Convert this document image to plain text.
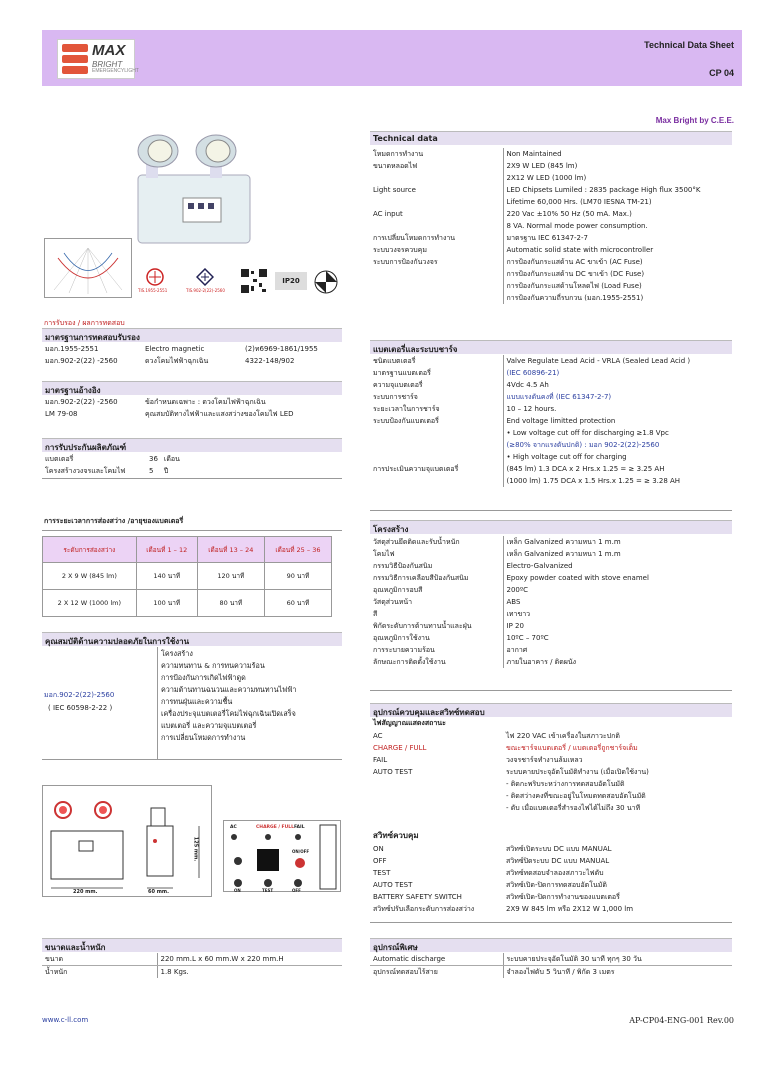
MAX
BRIGHT
EMERGENCYLIGHT
Technical Data Sheet
CP 04
Max Bright by C.E.E.
TIS.1955-2551	TIS.902-2(22)-2560
IP20
การรับรอง / ผลการทดสอบ
มาตรฐานการทดสอบรับรอง
มอก.1955-2551	Electro magnetic	(2)ท6969-1861/1955
มอก.902-2(22) -2560	ดวงโคมไฟฟ้าฉุกเฉิน	4322-148/902
มาตรฐานอ้างอิง
มอก.902-2(22) -2560	ข้อกำหนดเฉพาะ : ดวงโคมไฟฟ้าฉุกเฉิน
LM 79-08	คุณสมบัติทางไฟฟ้าและแสงสว่างของโคมไฟ LED
การรับประกันผลิตภัณฑ์
แบตเตอรี่	36	เดือน
โครงสร้างวงจรและโคมไฟ	5	ปี
การระยะเวลาการส่องสว่าง /อายุของแบตเตอรี่
ระดับการส่องสว่าง	เดือนที่ 1 – 12	เดือนที่ 13 – 24	เดือนที่ 25 – 36
2 X 9 W (845 lm)	140 นาที	120 นาที	90 นาที
2 X 12 W (1000 lm)	100 นาที	80 นาที	60 นาที
คุณสมบัติด้านความปลอดภัยในการใช้งาน
มอก.902-2(22)-2560
( IEC 60598-2-22 )
โครงสร้าง
ความทนทาน & การทนความร้อน
การป้องกันการเกิดไฟฟ้าดูด
ความต้านทานฉนวนและความทนทานไฟฟ้า
การทนฝุ่นและความชื้น
เครื่องประจุแบตเตอรี่โคมไฟฉุกเฉินเปิดเสร็จ
แบตเตอรี่ และความจุแบตเตอรี่
การเปลี่ยนโหมดการทำงาน
220 mm.	60 mm.
125 mm.
AC	CHARGE / FULL FAIL
ON/OFF
ON	TEST	OFF
ขนาดและน้ำหนัก
ขนาด	220 mm.L x 60 mm.W x 220 mm.H
น้ำหนัก	1.8 Kgs.
Technical data
โหมดการทำงาน	Non Maintained
ขนาดหลอดไฟ	2X9 W LED (845 lm)
	2X12 W LED (1000 lm)
Light source	LED Chipsets Lumiled : 2835 package High flux 3500°K
	Lifetime 60,000 Hrs. (LM70 IESNA TM-21)
AC input	220 Vac ±10% 50 Hz (50 mA. Max.)
	8 VA. Normal mode power consumption.
การเปลี่ยนโหมดการทำงาน	มาตรฐาน IEC 61347-2-7
ระบบวงจรควบคุม	Automatic solid state with microcontroller
ระบบการป้องกันวงจร	การป้องกันกระแสด้าน AC ขาเข้า (AC Fuse)
	การป้องกันกระแสด้าน DC ขาเข้า (DC Fuse)
	การป้องกันกระแสด้านโหลดไฟ (Load Fuse)
	การป้องกันความถี่รบกวน (มอก.1955-2551)
แบตเตอรี่และระบบชาร์จ
ชนิดแบตเตอรี่	Valve Regulate Lead Acid - VRLA (Sealed Lead Acid )
มาตรฐานแบตเตอรี่	(IEC 60896-21)
ความจุแบตเตอรี่	4Vdc 4.5 Ah
ระบบการชาร์จ	แบบแรงดันคงที่ (IEC 61347-2-7)
ระยะเวลาในการชาร์จ	10 – 12 hours.
ระบบป้องกันแบตเตอรี่	End voltage limitted protection
	• Low voltage cut off for discharging ≥1.8 Vpc
	(≥80% จากแรงดันปกติ) : มอก 902-2(22)-2560
	• High voltage cut off for charging
การประเมินความจุแบตเตอรี่	(845 lm) 1.3 DCA x 2 Hrs.x 1.25 = ≥ 3.25 AH
	(1000 lm) 1.75 DCA x 1.5 Hrs.x 1.25 = ≥ 3.28 AH
โครงสร้าง
วัสดุส่วนยึดติดและรับน้ำหนัก	เหล็ก Galvanized ความหนา 1 m.m
โคมไฟ	เหล็ก Galvanized ความหนา 1 m.m
กรรมวิธีป้องกันสนิม	Electro-Galvanized
กรรมวิธีการเคลือบสีป้องกันสนิม	Epoxy powder coated with stove enamel
อุณหภูมิการอบสี	200ºC
วัสดุส่วนหน้า	ABS
สี	เทาขาว
พิกัดระดับการต้านทานน้ำและฝุ่น	IP 20
อุณหภูมิการใช้งาน	10ºC – 70ºC
การระบายความร้อน	อากาศ
ลักษณะการติดตั้งใช้งาน	ภายในอาคาร / ติดผนัง
อุปกรณ์ควบคุมและสวิทซ์ทดสอบ
ไฟสัญญาณแสดงสถานะ
AC	ไฟ 220 VAC เข้าเครื่องในสภาวะปกติ
CHARGE / FULL	ขณะชาร์จแบตเตอรี่ / แบตเตอรี่ถูกชาร์จเต็ม
FAIL	วงจรชาร์จทำงานล้มเหลว
AUTO TEST	ระบบคายประจุอัตโนมัติทำงาน (เมื่อเปิดใช้งาน)
	- ติดกะพริบระหว่างการทดสอบอัตโนมัติ
	- ติดสว่างคงที่ขณะอยู่ในโหมดทดสอบอัตโนมัติ
	- ดับ เมื่อแบตเตอรี่สำรองไฟได้ไม่ถึง 30 นาที
สวิทซ์ควบคุม
ON	สวิทซ์เปิดระบบ DC แบบ MANUAL
OFF	สวิทซ์ปิดระบบ DC แบบ MANUAL
TEST	สวิทซ์ทดสอบจำลองสภาวะไฟดับ
AUTO TEST	สวิทซ์เปิด-ปิดการทดสอบอัตโนมัติ
BATTERY SAFETY SWITCH	สวิทซ์เปิด-ปิดการทำงานของแบตเตอรี่
สวิทซ์ปรับเลือกระดับการส่องสว่าง	2X9 W 845 lm หรือ 2X12 W 1,000 lm
อุปกรณ์พิเศษ
Automatic discharge	ระบบคายประจุอัตโนมัติ 30 นาที ทุกๆ 30 วัน
อุปกรณ์ทดสอบไร้สาย	จำลองไฟดับ 5 วินาที / พิกัด 3 เมตร
www.c-ll.com	AP-CP04-ENG-001 Rev.00
